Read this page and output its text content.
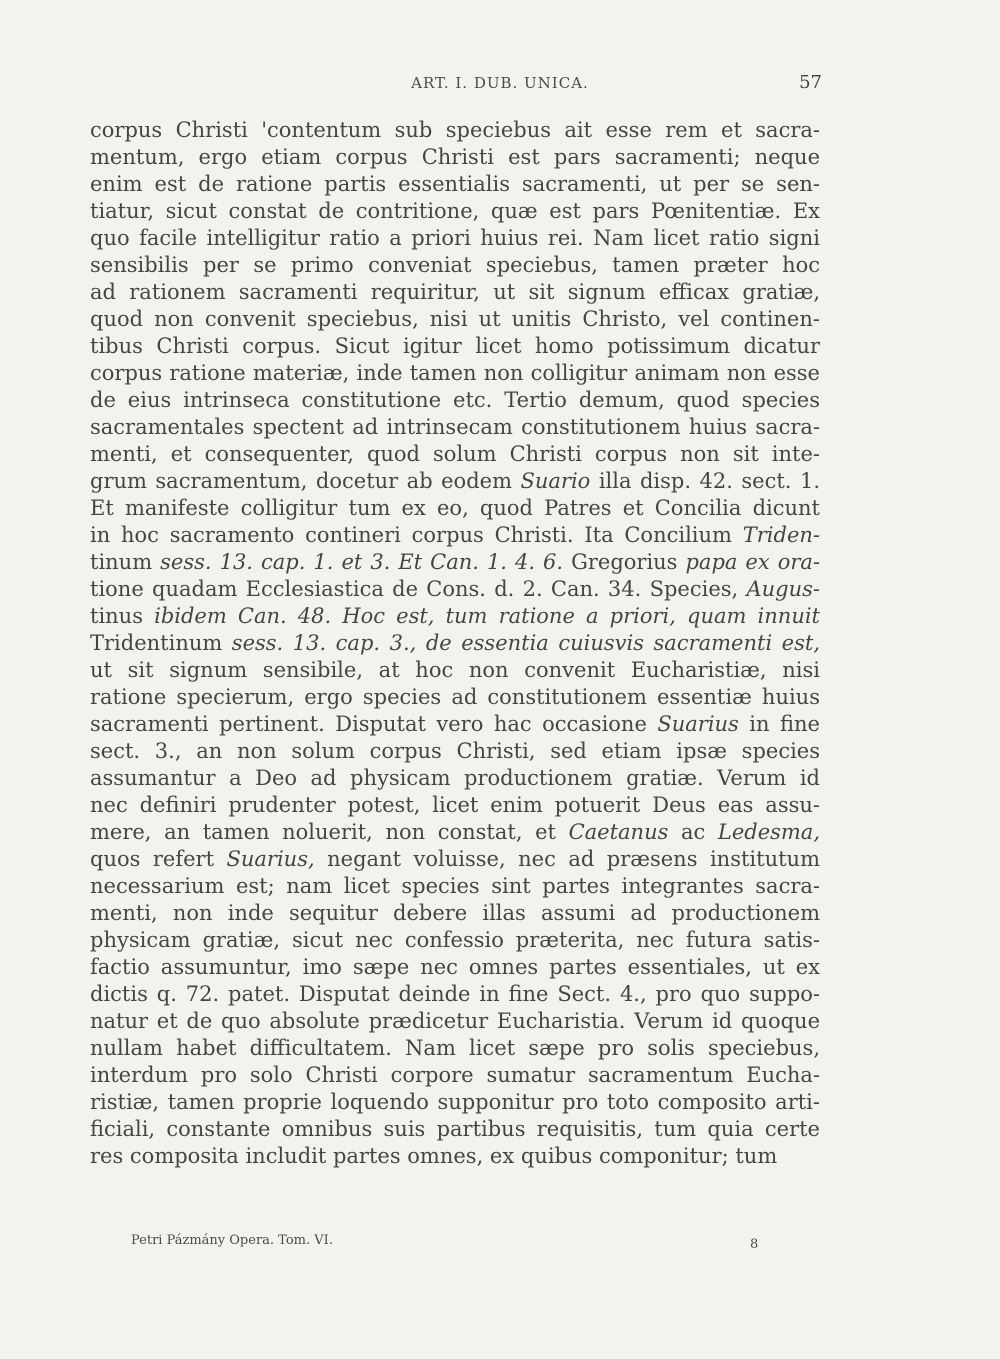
ART. I. DUB. UNICA.	57
corpus Christi 'contentum sub speciebus ait esse rem et sacra-
mentum, ergo etiam corpus Christi est pars sacramenti; neque
enim est de ratione partis essentialis sacramenti, ut per se sen-
tiatur, sicut constat de contritione, quæ est pars Pœnitentiæ. Ex
quo facile intelligitur ratio a priori huius rei. Nam licet ratio signi
sensibilis per se primo conveniat speciebus, tamen præter hoc
ad rationem sacramenti requiritur, ut sit signum efficax gratiæ,
quod non convenit speciebus, nisi ut unitis Christo, vel continen-
tibus Christi corpus. Sicut igitur licet homo potissimum dicatur
corpus ratione materiæ, inde tamen non colligitur animam non esse
de eius intrinseca constitutione etc. Tertio demum, quod species
sacramentales spectent ad intrinsecam constitutionem huius sacra-
menti, et consequenter, quod solum Christi corpus non sit inte-
grum sacramentum, docetur ab eodem Suario illa disp. 42. sect. 1.
Et manifeste colligitur tum ex eo, quod Patres et Concilia dicunt
in hoc sacramento contineri corpus Christi. Ita Concilium Triden-
tinum sess. 13. cap. 1. et 3. Et Can. 1. 4. 6. Gregorius papa ex ora-
tione quadam Ecclesiastica de Cons. d. 2. Can. 34. Species, Augus-
tinus ibidem Can. 48. Hoc est, tum ratione a priori, quam innuit
Tridentinum sess. 13. cap. 3., de essentia cuiusvis sacramenti est,
ut sit signum sensibile, at hoc non convenit Eucharistiæ, nisi
ratione specierum, ergo species ad constitutionem essentiæ huius
sacramenti pertinent. Disputat vero hac occasione Suarius in fine
sect. 3., an non solum corpus Christi, sed etiam ipsæ species
assumantur a Deo ad physicam productionem gratiæ. Verum id
nec definiri prudenter potest, licet enim potuerit Deus eas assu-
mere, an tamen noluerit, non constat, et Caetanus ac Ledesma,
quos refert Suarius, negant voluisse, nec ad præsens institutum
necessarium est; nam licet species sint partes integrantes sacra-
menti, non inde sequitur debere illas assumi ad productionem
physicam gratiæ, sicut nec confessio præterita, nec futura satis-
factio assumuntur, imo sæpe nec omnes partes essentiales, ut ex
dictis q. 72. patet. Disputat deinde in fine Sect. 4., pro quo suppo-
natur et de quo absolute prædicetur Eucharistia. Verum id quoque
nullam habet difficultatem. Nam licet sæpe pro solis speciebus,
interdum pro solo Christi corpore sumatur sacramentum Eucha-
ristiæ, tamen proprie loquendo supponitur pro toto composito arti-
ficiali, constante omnibus suis partibus requisitis, tum quia certe
res composita includit partes omnes, ex quibus componitur; tum
Petri Pázmány Opera. Tom. VI.	8
